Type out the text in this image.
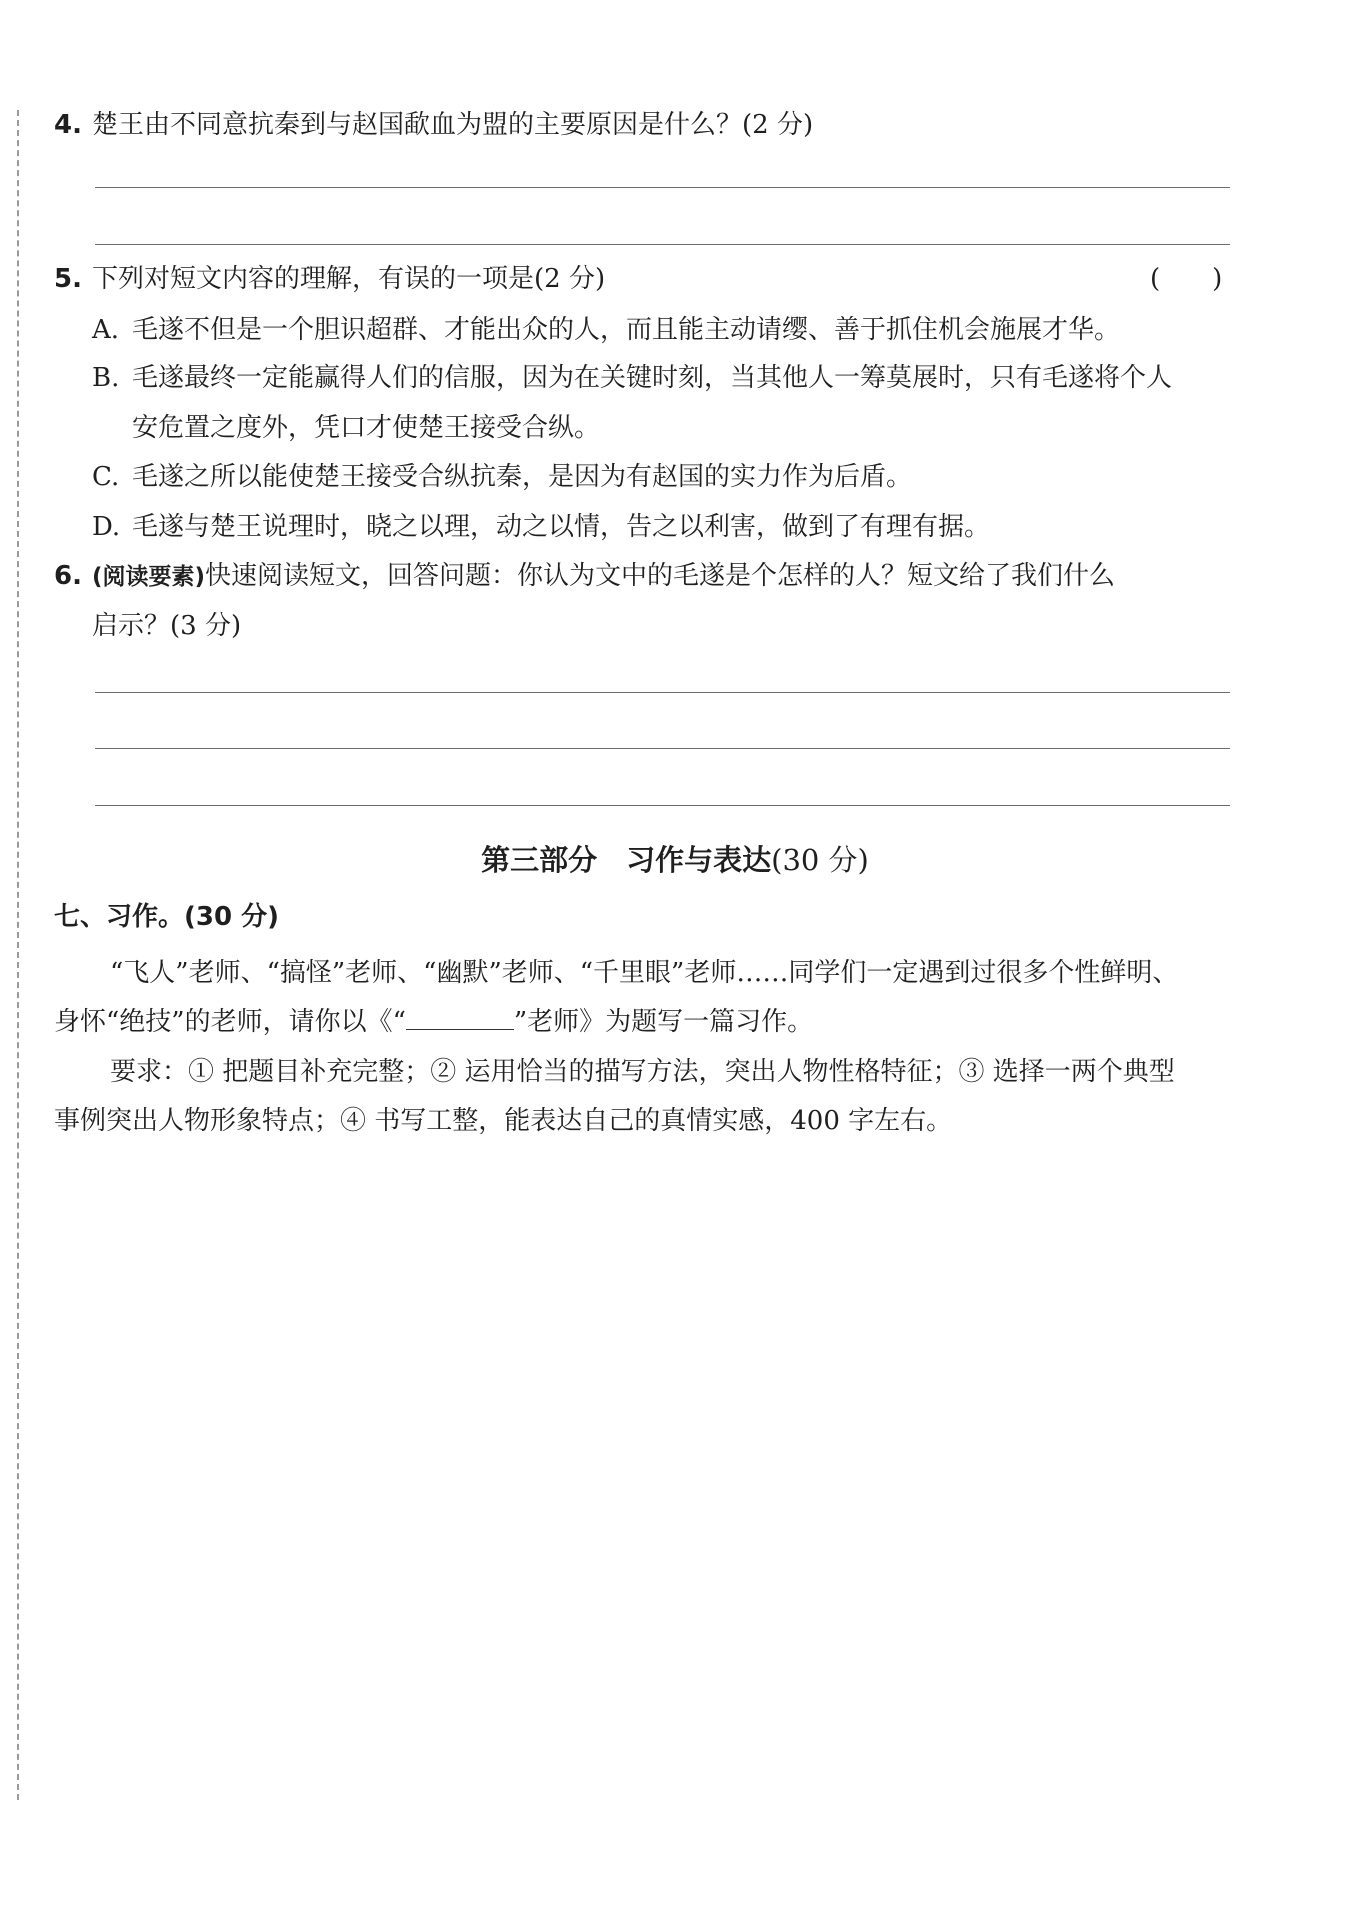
4. 楚王由不同意抗秦到与赵国歃血为盟的主要原因是什么？(2 分)
5. 下列对短文内容的理解，有误的一项是(2 分)	(　　)
A. 毛遂不但是一个胆识超群、才能出众的人，而且能主动请缨、善于抓住机会施展才华。
B. 毛遂最终一定能赢得人们的信服，因为在关键时刻，当其他人一筹莫展时，只有毛遂将个人
安危置之度外，凭口才使楚王接受合纵。
C. 毛遂之所以能使楚王接受合纵抗秦，是因为有赵国的实力作为后盾。
D. 毛遂与楚王说理时，晓之以理，动之以情，告之以利害，做到了有理有据。
6. (阅读要素)快速阅读短文，回答问题：你认为文中的毛遂是个怎样的人？短文给了我们什么
启示？(3 分)
第三部分　习作与表达(30 分)
七、习作。(30 分)
“飞人”老师、“搞怪”老师、“幽默”老师、“千里眼”老师……同学们一定遇到过很多个性鲜明、
身怀“绝技”的老师，请你以《“	”老师》为题写一篇习作。
要求：① 把题目补充完整；② 运用恰当的描写方法，突出人物性格特征；③ 选择一两个典型
事例突出人物形象特点；④ 书写工整，能表达自己的真情实感，400 字左右。
